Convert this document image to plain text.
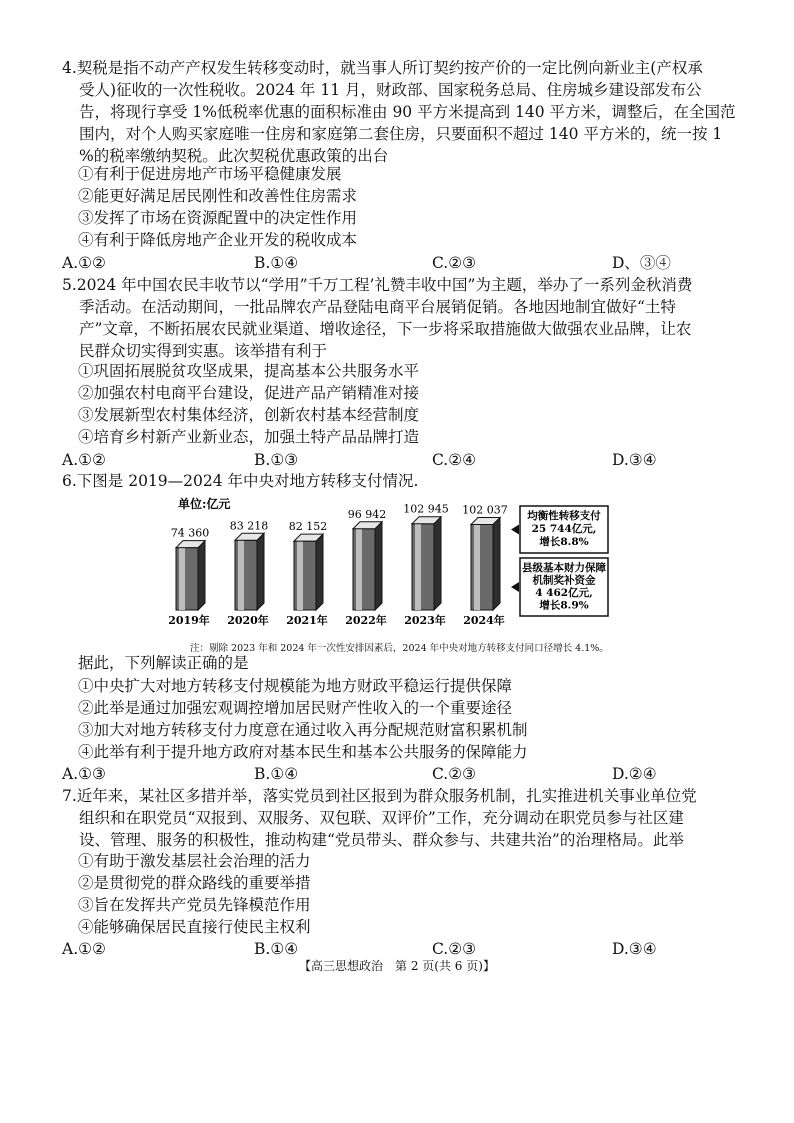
4.契税是指不动产产权发生转移变动时，就当事人所订契约按产价的一定比例向新业主(产权承
受人)征收的一次性税收。2024 年 11 月，财政部、国家税务总局、住房城乡建设部发布公
告，将现行享受 1%低税率优惠的面积标准由 90 平方米提高到 140 平方米，调整后，在全国范
围内，对个人购买家庭唯一住房和家庭第二套住房，只要面积不超过 140 平方米的，统一按 1
%的税率缴纳契税。此次契税优惠政策的出台
①有利于促进房地产市场平稳健康发展
②能更好满足居民刚性和改善性住房需求
③发挥了市场在资源配置中的决定性作用
④有利于降低房地产企业开发的税收成本
A.①②	B.①④	C.②③	D、③④
5.2024 年中国农民丰收节以“学用”千万工程’礼赞丰收中国”为主题，举办了一系列金秋消费
季活动。在活动期间，一批品牌农产品登陆电商平台展销促销。各地因地制宜做好“土特
产”文章，不断拓展农民就业渠道、增收途径，下一步将采取措施做大做强农业品牌，让农
民群众切实得到实惠。该举措有利于
①巩固拓展脱贫攻坚成果，提高基本公共服务水平
②加强农村电商平台建设，促进产品产销精准对接
③发展新型农村集体经济，创新农村基本经营制度
④培育乡村新产业新业态，加强土特产品品牌打造
A.①②	B.①③	C.②④	D.③④
6.下图是 2019—2024 年中央对地方转移支付情况.
74 360
2019年
83 218
2020年
82 152
2021年
96 942
2022年
102 945
2023年
102 037
2024年
均衡性转移支付
25 744亿元,
增长8.8%
县级基本财力保障
机制奖补资金
4 462亿元,
增长8.9%
单位:亿元
注：剔除 2023 年和 2024 年一次性安排因素后，2024 年中央对地方转移支付同口径增长 4.1%。
据此，下列解读正确的是
①中央扩大对地方转移支付规模能为地方财政平稳运行提供保障
②此举是通过加强宏观调控增加居民财产性收入的一个重要途径
③加大对地方转移支付力度意在通过收入再分配规范财富积累机制
④此举有利于提升地方政府对基本民生和基本公共服务的保障能力
A.①③	B.①④	C.②③	D.②④
7.近年来，某社区多措并举，落实党员到社区报到为群众服务机制，扎实推进机关事业单位党
组织和在职党员“双报到、双服务、双包联、双评价”工作，充分调动在职党员参与社区建
设、管理、服务的积极性，推动构建“党员带头、群众参与、共建共治”的治理格局。此举
①有助于激发基层社会治理的活力
②是贯彻党的群众路线的重要举措
③旨在发挥共产党员先锋模范作用
④能够确保居民直接行使民主权利
A.①②	B.①④	C.②③	D.③④
【高三思想政治　第 2 页(共 6 页)】
